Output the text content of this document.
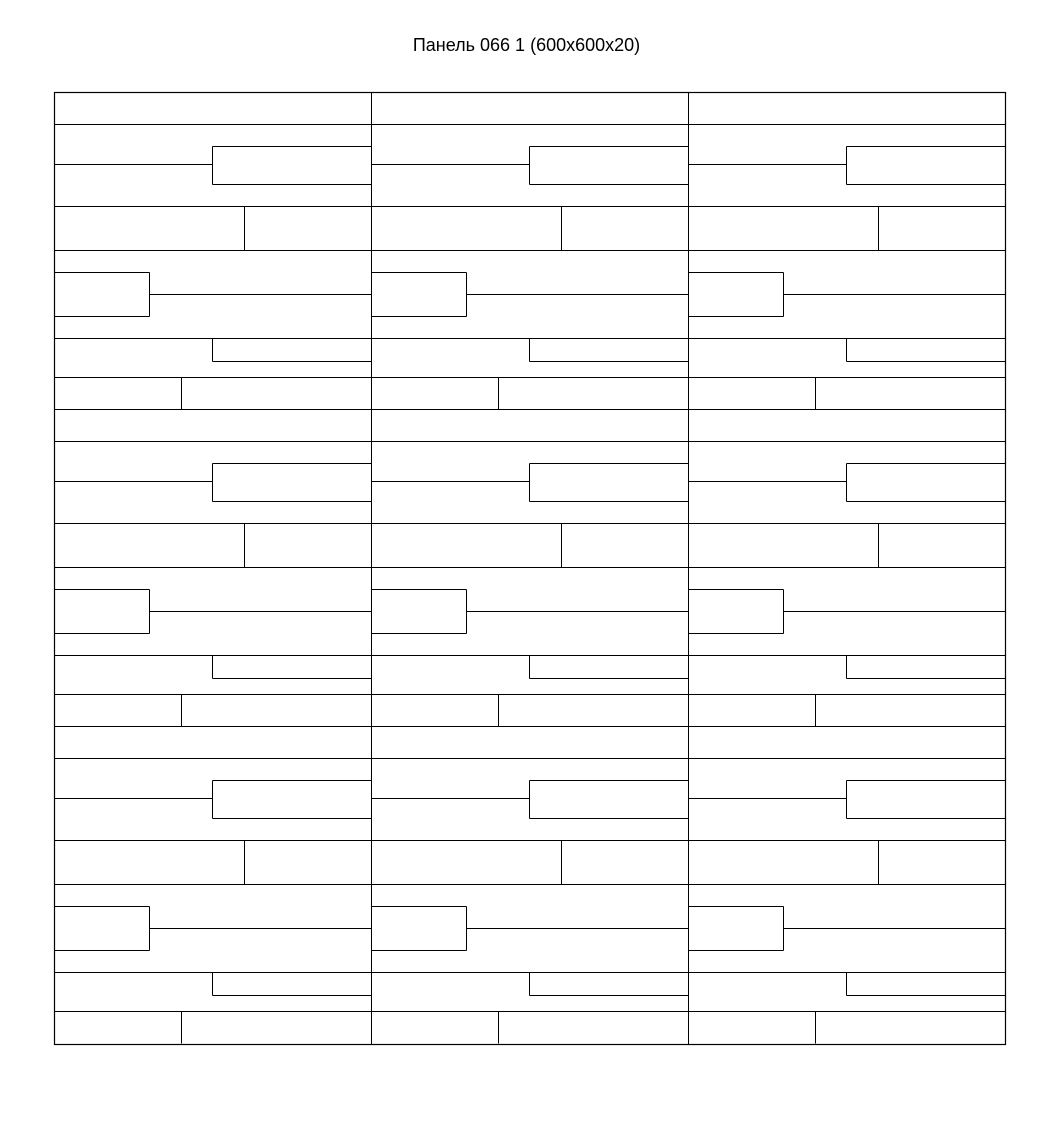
Панель 066 1 (600x600x20)
